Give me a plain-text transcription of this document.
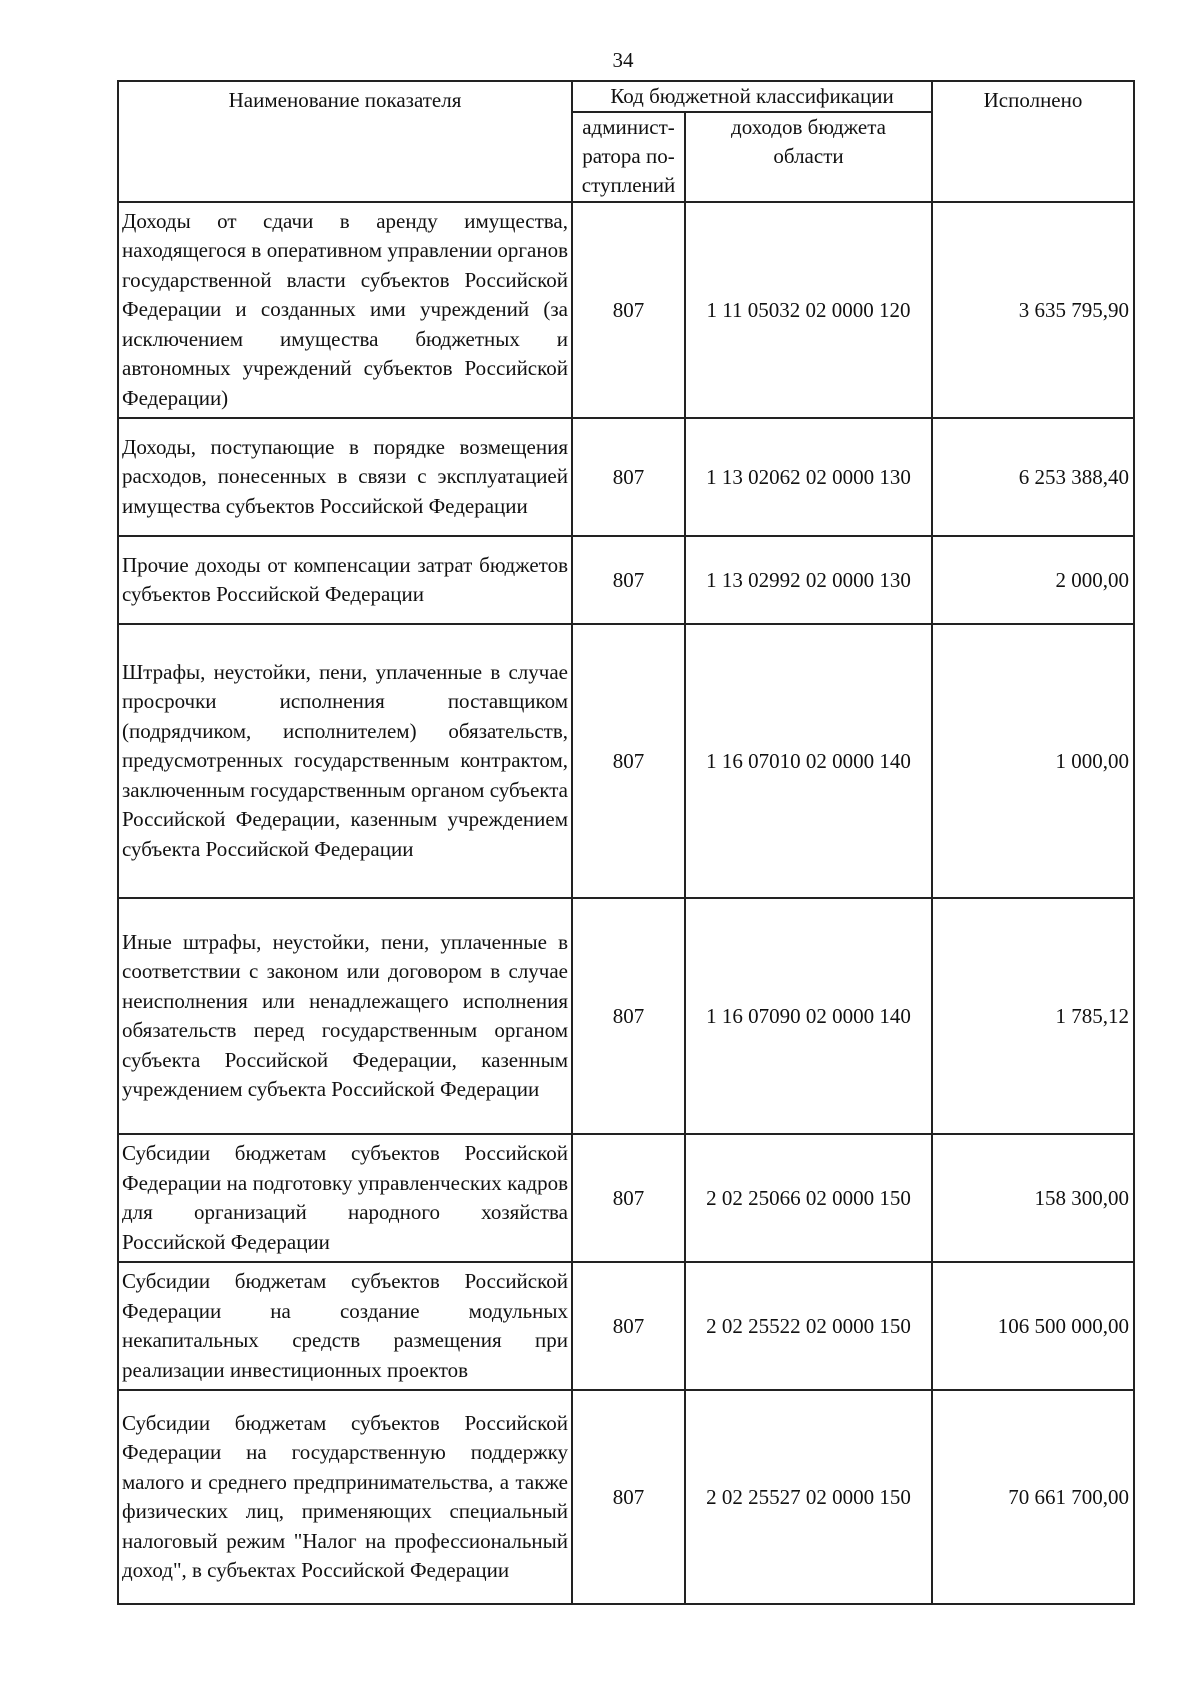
34
Наименование показателя	Код бюджетной классификации		Исполнено
	админист-ратора по-ступлений	доходов бюджета области	
Доходы от сдачи в аренду имущества, находящегося в оперативном управлении органов государственной власти субъектов Российской Федерации и созданных ими учреждений (за исключением имущества бюджетных и автономных учреждений субъектов Российской Федерации)	807	1 11 05032 02 0000 120	3 635 795,90
Доходы, поступающие в порядке возмещения расходов, понесенных в связи с эксплуатацией имущества субъектов Российской Федерации	807	1 13 02062 02 0000 130	6 253 388,40
Прочие доходы от компенсации затрат бюджетов субъектов Российской Федерации	807	1 13 02992 02 0000 130	2 000,00
Штрафы, неустойки, пени, уплаченные в случае просрочки исполнения поставщиком (подрядчиком, исполнителем) обязательств, предусмотренных государственным контрактом, заключенным государственным органом субъекта Российской Федерации, казенным учреждением субъекта Российской Федерации	807	1 16 07010 02 0000 140	1 000,00
Иные штрафы, неустойки, пени, уплаченные в соответствии с законом или договором в случае неисполнения или ненадлежащего исполнения обязательств перед государственным органом субъекта Российской Федерации, казенным учреждением субъекта Российской Федерации	807	1 16 07090 02 0000 140	1 785,12
Субсидии бюджетам субъектов Российской Федерации на подготовку управленческих кадров для организаций народного хозяйства Российской Федерации	807	2 02 25066 02 0000 150	158 300,00
Субсидии бюджетам субъектов Российской Федерации на создание модульных некапитальных средств размещения при реализации инвестиционных проектов	807	2 02 25522 02 0000 150	106 500 000,00
Субсидии бюджетам субъектов Российской Федерации на государственную поддержку малого и среднего предпринимательства, а также физических лиц, применяющих специальный налоговый режим "Налог на профессиональный доход", в субъектах Российской Федерации	807	2 02 25527 02 0000 150	70 661 700,00
